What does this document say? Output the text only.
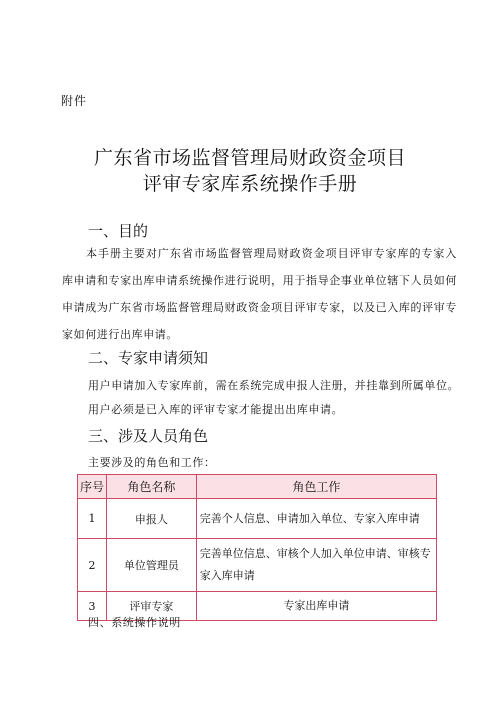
附件
广东省市场监督管理局财政资金项目
评审专家库系统操作手册
一、目的
本手册主要对广东省市场监督管理局财政资金项目评审专家库的专家入库申请和专家出库申请系统操作进行说明，用于指导企事业单位辖下人员如何申请成为广东省市场监督管理局财政资金项目评审专家，以及已入库的评审专家如何进行出库申请。
二、专家申请须知
用户申请加入专家库前，需在系统完成申报人注册，并挂靠到所属单位。
用户必须是已入库的评审专家才能提出出库申请。
三、涉及人员角色
主要涉及的角色和工作：
序号	角色名称	角色工作
1	申报人	完善个人信息、申请加入单位、专家入库申请
2	单位管理员	完善单位信息、审核个人加入单位申请、审核专家入库申请
3	评审专家	专家出库申请
四、系统操作说明
